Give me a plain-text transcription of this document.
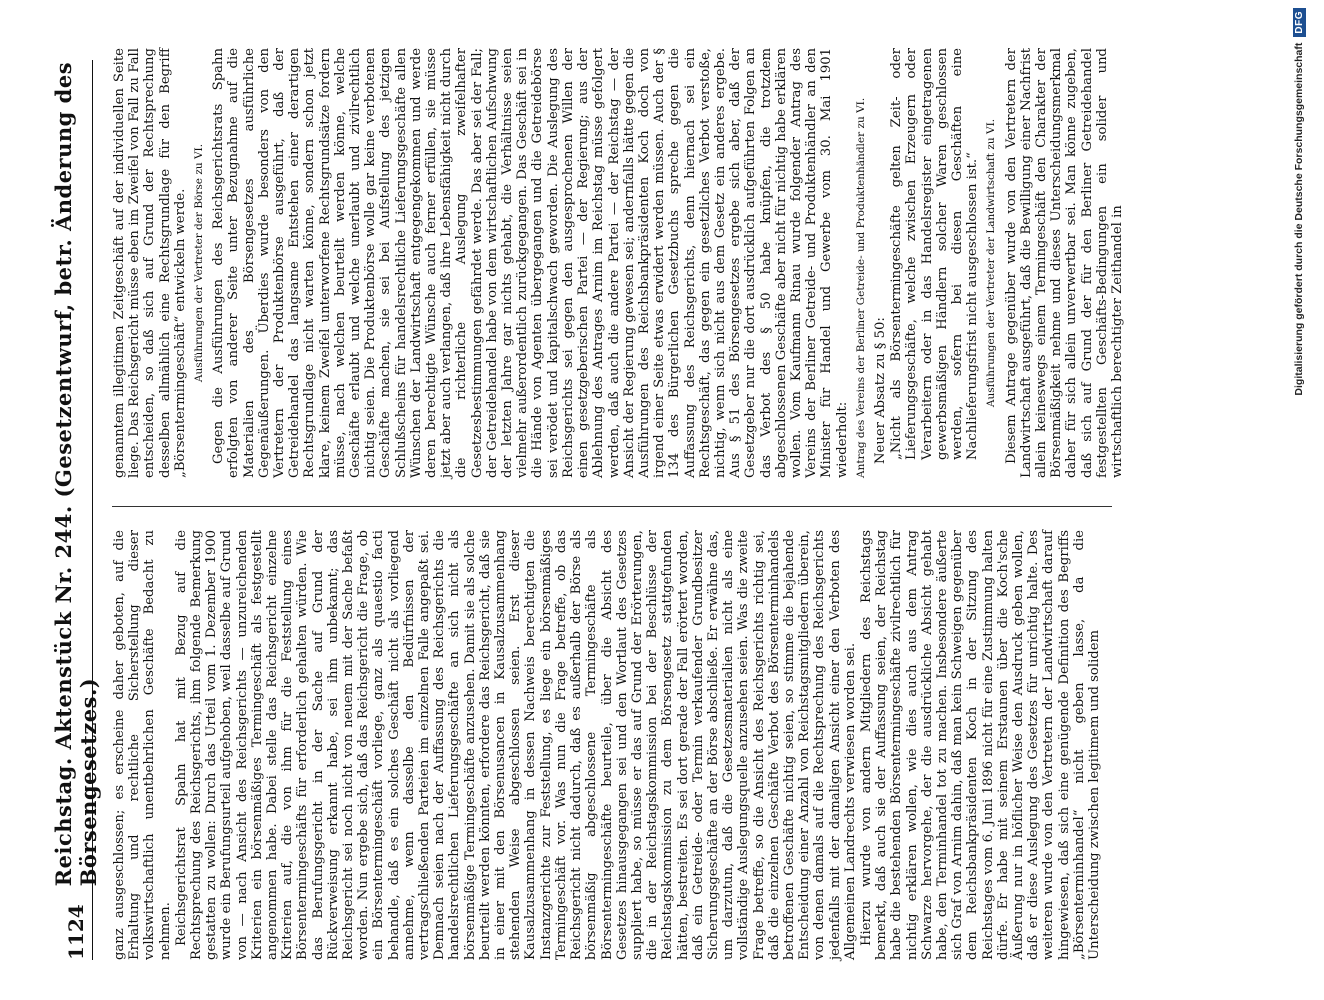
1124
Reichstag. Aktenstück Nr. 244. (Gesetzentwurf, betr. Änderung des Börsengesetzes.) ganz ausgeschlossen; es erscheine daher geboten, auf die Erhaltung und rechtliche Sicherstellung dieser volkswirtschaftlich unentbehrlichen Geschäfte Bedacht zu nehmen. Reichsgerichtsrat Spahn hat mit Bezug auf die Rechtsprechung des Reichsgerichts, ihm folgende Bemerkung gestatten zu wollen: Durch das Urteil vom 1. Dezember 1900 wurde ein Berufungsurteil aufgehoben, weil dasselbe auf Grund von — nach Ansicht des Reichsgerichts — unzureichenden Kriterien ein börsenmäßiges Termingeschäft als festgestellt angenommen habe. Dabei stelle das Reichsgericht einzelne Kriterien auf, die von ihm für die Feststellung eines Börsentermingeschäfts für erforderlich gehalten würden. Wie das Berufungsgericht in der Sache auf Grund der Rückverweisung erkannt habe, sei ihm unbekannt; das Reichsgericht sei noch nicht von neuem mit der Sache befaßt worden. Nun ergebe sich, daß das Reichsgericht die Frage, ob ein Börsentermingeschäft vorliege, ganz als quaestio facti behandle, daß es ein solches Geschäft nicht als vorliegend annehme, wenn dasselbe den Bedürfnissen der vertragschließenden Parteien im einzelnen Falle angepaßt sei. Demnach seien nach der Auffassung des Reichsgerichts die handelsrechtlichen Lieferungsgeschäfte an sich nicht als börsenmäßige Termingeschäfte anzusehen. Damit sie als solche beurteilt werden könnten, erfordere das Reichsgericht, daß sie in einer mit den Börsenusancen in Kausalzusammenhang stehenden Weise abgeschlossen seien. Erst dieser Kausalzusammenhang in dessen Nachweis berechtigten die Instanzgerichte zur Feststellung, es liege ein börsenmäßiges Termingeschäft vor. Was nun die Frage betreffe, ob das Reichsgericht nicht dadurch, daß es außerhalb der Börse als börsenmäßig abgeschlossene Termingeschäfte als Börsentermingeschäfte beurteile, über die Absicht des Gesetzes hinausgegangen sei und den Wortlaut des Gesetzes suppliert habe, so müsse er das auf Grund der Erörterungen, die in der Reichstagskommission bei der Beschlüsse der Reichstagskommission zu dem Börsengesetz stattgefunden hätten, bestreiten. Es sei dort gerade der Fall erörtert worden, daß ein Getreide- oder Termin verkaufender Grundbesitzer Sicherungsgeschäfte an der Börse abschließe. Er erwähne das, um darzutun, daß die Gesetzesmaterialien nicht als eine vollständige Auslegungsquelle anzusehen seien. Was die zweite Frage betreffe, so die Ansicht des Reichsgerichts richtig sei, daß die einzelnen Geschäfte Verbot des Börsenterminhandels betroffenen Geschäfte nichtig seien, so stimme die bejahende Entscheidung einer Anzahl von Reichstagsmitgliedern überein, von denen damals auf die Rechtsprechung des Reichsgerichts jedenfalls mit der damaligen Ansicht einer den Verboten des Allgemeinen Landrechts verwiesen worden sei. Hierzu wurde von andern Mitgliedern des Reichstags bemerkt, daß auch sie der Auffassung seien, der Reichstag habe die bestehenden Börsentermingeschäfte zivilrechtlich für nichtig erklären wollen, wie dies auch aus dem Antrag Schwarze hervorgehe, der die ausdrückliche Absicht gehabt habe, den Terminhandel tot zu machen. Insbesondere äußerte sich Graf von Arnim dahin, daß man kein Schweigen gegenüber dem Reichsbankpräsidenten Koch in der Sitzung des Reichstages vom 6. Juni 1896 nicht für eine Zustimmung halten dürfe. Er habe mit seinem Erstaunen über die Koch'sche Äußerung nur in höflicher Weise den Ausdruck geben wollen, daß er diese Auslegung des Gesetzes für unrichtig halte. Des weiteren wurde von den Vertretern der Landwirtschaft darauf hingewiesen, daß sich eine genügende Definition des Begriffs „Börsenterminhandel“ nicht geben lasse, da die Unterscheidung zwischen legitimem und solidem

genanntem illegitimen Zeitgeschäft auf der individuellen Seite liege. Das Reichsgericht müsse eben im Zweifel von Fall zu Fall entscheiden, so daß sich auf Grund der Rechtsprechung desselben allmählich eine Rechtsgrundlage für den Begriff „Börsentermingeschäft“ entwickeln werde. Ausführungen der Vertreter der Börse zu VI. Gegen die Ausführungen des Reichsgerichtsrats Spahn erfolgten von anderer Seite unter Bezugnahme auf die Materialien des Börsengesetzes ausführliche Gegenäußerungen. Überdies wurde besonders von den Vertretern der Produktenbörse ausgeführt, daß der Getreidehandel das langsame Entstehen einer derartigen Rechtsgrundlage nicht warten könne, sondern schon jetzt klare, keinem Zweifel unterworfene Rechtsgrundsätze fordern müsse, nach welchen beurteilt werden könne, welche Geschäfte erlaubt und welche unerlaubt und zivilrechtlich nichtig seien. Die Produktenbörse wolle gar keine verbotenen Geschäfte machen, sie sei bei Aufstellung des jetzigen Schlußscheins für handelsrechtliche Lieferungsgeschäfte allen Wünschen der Landwirtschaft entgegengekommen und werde deren berechtigte Wünsche auch ferner erfüllen, sie müsse jetzt aber auch verlangen, daß ihre Lebensfähigkeit nicht durch die richterliche Auslegung zweifelhafter Gesetzesbestimmungen gefährdet werde. Das aber sei der Fall; der Getreidehandel habe von dem wirtschaftlichen Aufschwung der letzten Jahre gar nichts gehabt, die Verhältnisse seien vielmehr außerordentlich zurückgegangen. Das Geschäft sei in die Hände von Agenten übergegangen und die Getreidebörse sei verödet und kapitalschwach geworden. Die Auslegung des Reichsgerichts sei gegen den ausgesprochenen Willen der einen gesetzgeberischen Partei — der Regierung; aus der Ablehnung des Antrages Arnim im Reichstag müsse gefolgert werden, daß auch die andere Partei — der Reichstag — der Ansicht der Regierung gewesen sei; andernfalls hätte gegen die Ausführungen des Reichsbankpräsidenten Koch doch von irgend einer Seite etwas erwidert werden müssen. Auch der § 134 des Bürgerlichen Gesetzbuchs spreche gegen die Auffassung des Reichsgerichts, denn hiernach sei ein Rechtsgeschäft, das gegen ein gesetzliches Verbot verstoße, nichtig, wenn sich nicht aus dem Gesetz ein anderes ergebe. Aus § 51 des Börsengesetzes ergebe sich aber, daß der Gesetzgeber nur die dort ausdrücklich aufgeführten Folgen an das Verbot des § 50 habe knüpfen, die trotzdem abgeschlossenen Geschäfte aber nicht für nichtig habe erklären wollen. Vom Kaufmann Rinau wurde folgender Antrag des Vereins der Berliner Getreide- und Produktenhändler an den Minister für Handel und Gewerbe vom 30. Mai 1901 wiederholt: Antrag des Vereins der Berliner Getreide- und Produktenhändler zu VI. Neuer Absatz zu § 50: „Nicht als Börsentermingeschäfte gelten Zeit- oder Lieferungsgeschäfte, welche zwischen Erzeugern oder Verarbeitern oder in das Handelsregister eingetragenen gewerbsmäßigen Händlern solcher Waren geschlossen werden, sofern bei diesen Geschäften eine Nachlieferungsfrist nicht ausgeschlossen ist.“ Ausführungen der Vertreter der Landwirtschaft zu VI. Diesem Antrage gegenüber wurde von den Vertretern der Landwirtschaft ausgeführt, daß die Bewilligung einer Nachfrist allein keineswegs einem Termingeschäft den Charakter der Börsenmäßigkeit nehme und dieses Unterscheidungsmerkmal daher für sich allein unverwertbar sei. Man könne zugeben, daß sich auf Grund der für den Berliner Getreidehandel festgestellten Geschäfts-Bedingungen ein solider und wirtschaftlich berechtigter Zeithandel in	Digitalisierung gefördert durch die Deutsche Forschungsgemeinschaft
DFG
